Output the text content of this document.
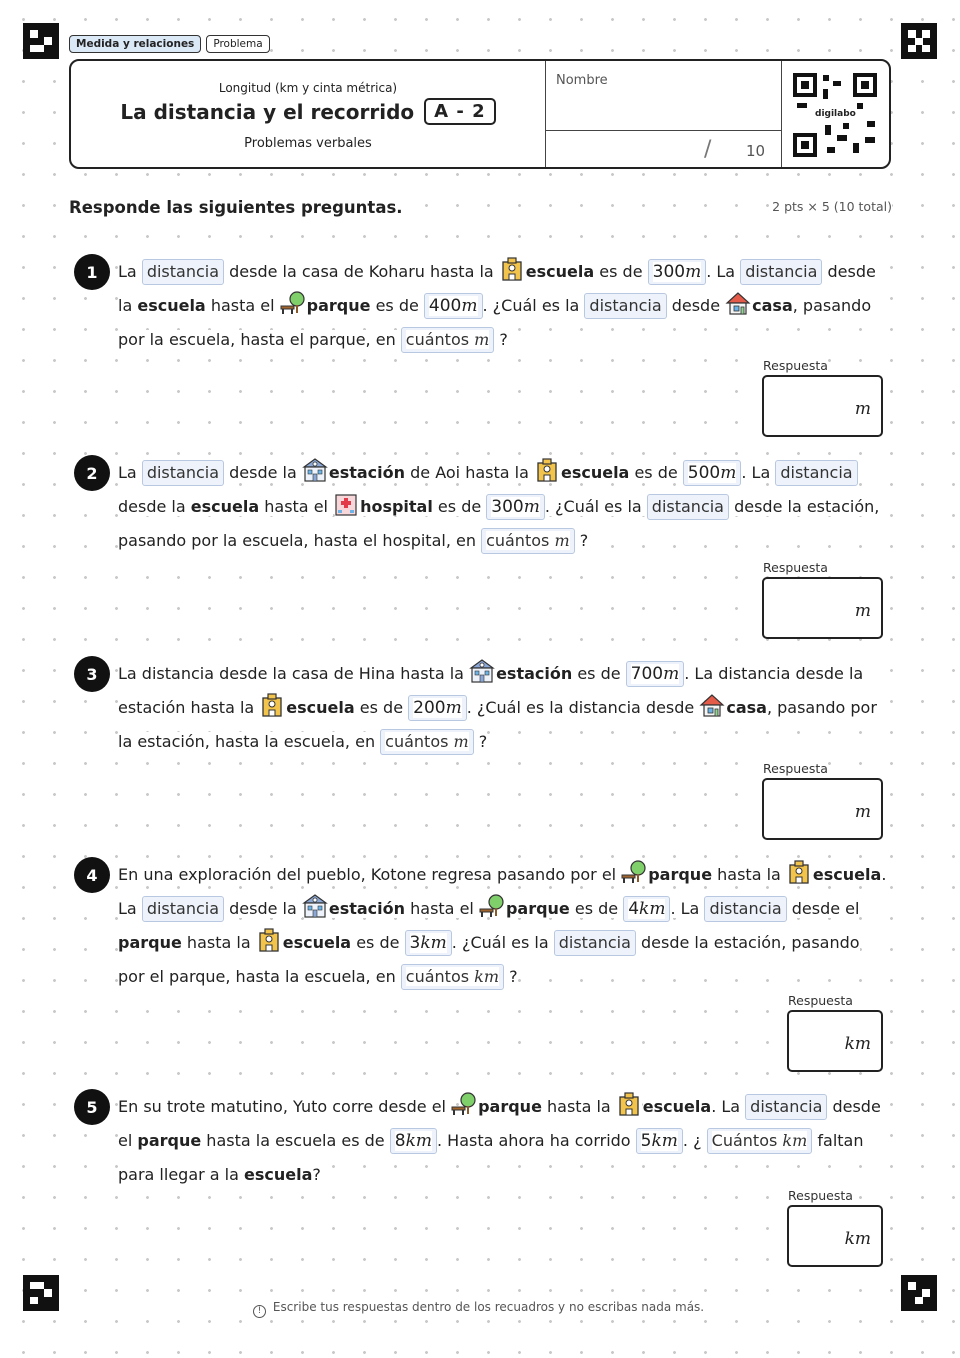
Medida y relaciones	Problema
Longitud (km y cinta métrica)
La distancia y el recorrido	A - 2
Problemas verbales
Nombre
/ 10
digilabo
Responde las siguientes preguntas.	2 pts × 5 (10 total)
1	La distancia desde la casa de Koharu hasta la escuela es de 300m . La distancia desde la escuela hasta el parque es de 400m . ¿Cuál es la distancia desde casa, pasando por la escuela, hasta el parque, en cuántos m ?
Respuesta
m
2	La distancia desde la estación de Aoi hasta la escuela es de 500m . La distancia desde la escuela hasta el hospital es de 300m . ¿Cuál es la distancia desde la estación, pasando por la escuela, hasta el hospital, en cuántos m ?
Respuesta
m
3	La distancia desde la casa de Hina hasta la estación es de 700m . La distancia desde la estación hasta la escuela es de 200m . ¿Cuál es la distancia desde casa, pasando por la estación, hasta la escuela, en cuántos m ?
Respuesta
m
4	En una exploración del pueblo, Kotone regresa pasando por el parque hasta la escuela. La distancia desde la estación hasta el parque es de 4km . La distancia desde el parque hasta la escuela es de 3km . ¿Cuál es la distancia desde la estación, pasando por el parque, hasta la escuela, en cuántos km ?
Respuesta
km
5	En su trote matutino, Yuto corre desde el parque hasta la escuela. La distancia desde el parque hasta la escuela es de 8km . Hasta ahora ha corrido 5km . ¿ Cuántos km faltan para llegar a la escuela?
Respuesta
km
! Escribe tus respuestas dentro de los recuadros y no escribas nada más.
